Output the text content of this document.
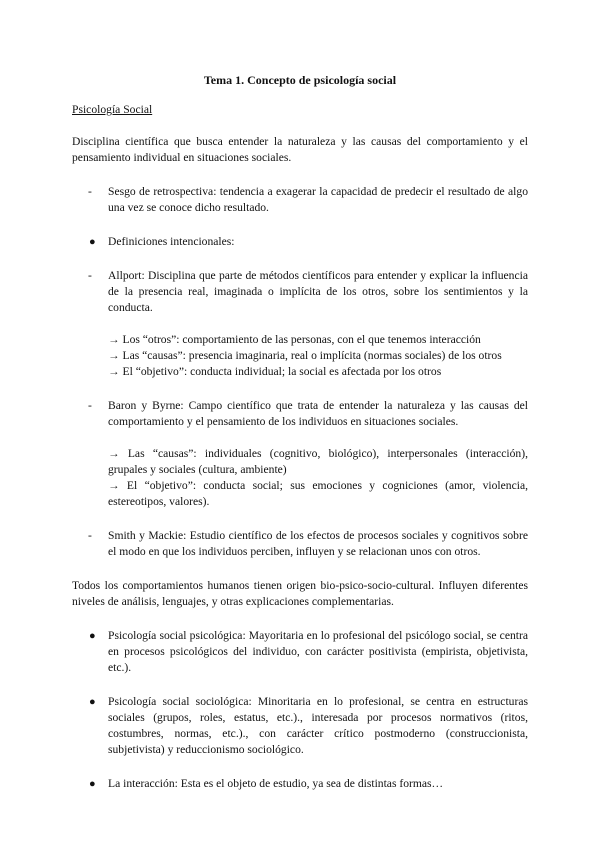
Tema 1. Concepto de psicología social
Psicología Social

Disciplina científica que busca entender la naturaleza y las causas del comportamiento y el pensamiento individual en situaciones sociales.

- Sesgo de retrospectiva: tendencia a exagerar la capacidad de predecir el resultado de algo una vez se conoce dicho resultado.
● Definiciones intencionales:
- Allport: Disciplina que parte de métodos científicos para entender y explicar la influencia de la presencia real, imaginada o implícita de los otros, sobre los sentimientos y la conducta.
→ Los “otros”: comportamiento de las personas, con el que tenemos interacción
→ Las “causas”: presencia imaginaria, real o implícita (normas sociales) de los otros
→ El “objetivo”: conducta individual; la social es afectada por los otros
- Baron y Byrne: Campo científico que trata de entender la naturaleza y las causas del comportamiento y el pensamiento de los individuos en situaciones sociales.
→ Las “causas”: individuales (cognitivo, biológico), interpersonales (interacción), grupales y sociales (cultura, ambiente)
→ El “objetivo”: conducta social; sus emociones y cogniciones (amor, violencia, estereotipos, valores).
- Smith y Mackie: Estudio científico de los efectos de procesos sociales y cognitivos sobre el modo en que los individuos perciben, influyen y se relacionan unos con otros.

Todos los comportamientos humanos tienen origen bio-psico-socio-cultural. Influyen diferentes niveles de análisis, lenguajes, y otras explicaciones complementarias.

● Psicología social psicológica: Mayoritaria en lo profesional del psicólogo social, se centra en procesos psicológicos del individuo, con carácter positivista (empirista, objetivista, etc.).
● Psicología social sociológica: Minoritaria en lo profesional, se centra en estructuras sociales (grupos, roles, estatus, etc.)., interesada por procesos normativos (ritos, costumbres, normas, etc.)., con carácter crítico postmoderno (construccionista, subjetivista) y reduccionismo sociológico.
● La interacción: Esta es el objeto de estudio, ya sea de distintas formas…
